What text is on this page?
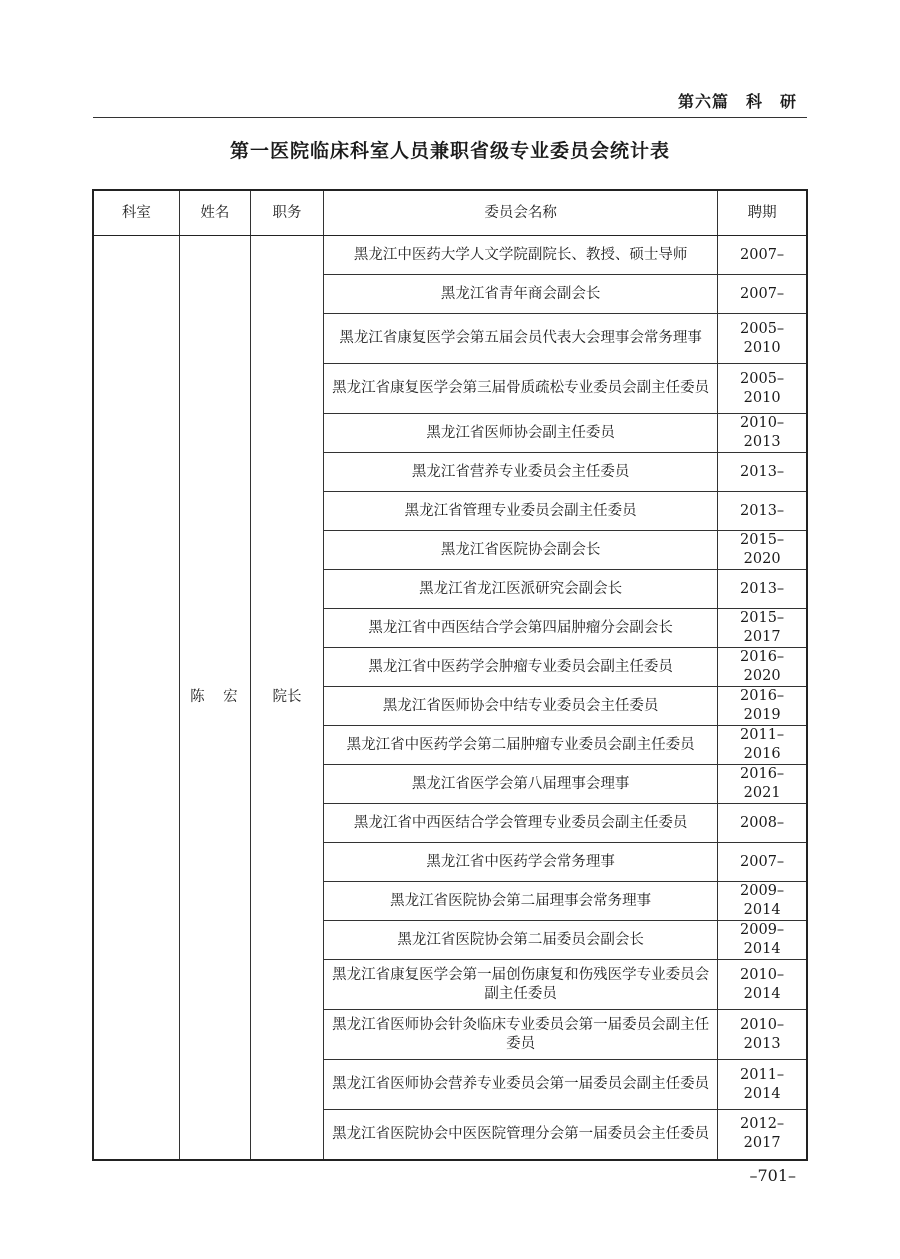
第六篇　科　研
第一医院临床科室人员兼职省级专业委员会统计表
科室	姓名	职务	委员会名称	聘期
	陈　宏	院长	黑龙江中医药大学人文学院副院长、教授、硕士导师	2007–
			黑龙江省青年商会副会长	2007–
			黑龙江省康复医学会第五届会员代表大会理事会常务理事	2005–2010
			黑龙江省康复医学会第三届骨质疏松专业委员会副主任委员	2005–2010
			黑龙江省医师协会副主任委员	2010–2013
			黑龙江省营养专业委员会主任委员	2013–
			黑龙江省管理专业委员会副主任委员	2013–
			黑龙江省医院协会副会长	2015–2020
			黑龙江省龙江医派研究会副会长	2013–
			黑龙江省中西医结合学会第四届肿瘤分会副会长	2015–2017
			黑龙江省中医药学会肿瘤专业委员会副主任委员	2016–2020
			黑龙江省医师协会中结专业委员会主任委员	2016–2019
			黑龙江省中医药学会第二届肿瘤专业委员会副主任委员	2011–2016
			黑龙江省医学会第八届理事会理事	2016–2021
			黑龙江省中西医结合学会管理专业委员会副主任委员	2008–
			黑龙江省中医药学会常务理事	2007–
			黑龙江省医院协会第二届理事会常务理事	2009–2014
			黑龙江省医院协会第二届委员会副会长	2009–2014
			黑龙江省康复医学会第一届创伤康复和伤残医学专业委员会副主任委员	2010–2014
			黑龙江省医师协会针灸临床专业委员会第一届委员会副主任委员	2010–2013
			黑龙江省医师协会营养专业委员会第一届委员会副主任委员	2011–2014
			黑龙江省医院协会中医医院管理分会第一届委员会主任委员	2012–2017
–701–
